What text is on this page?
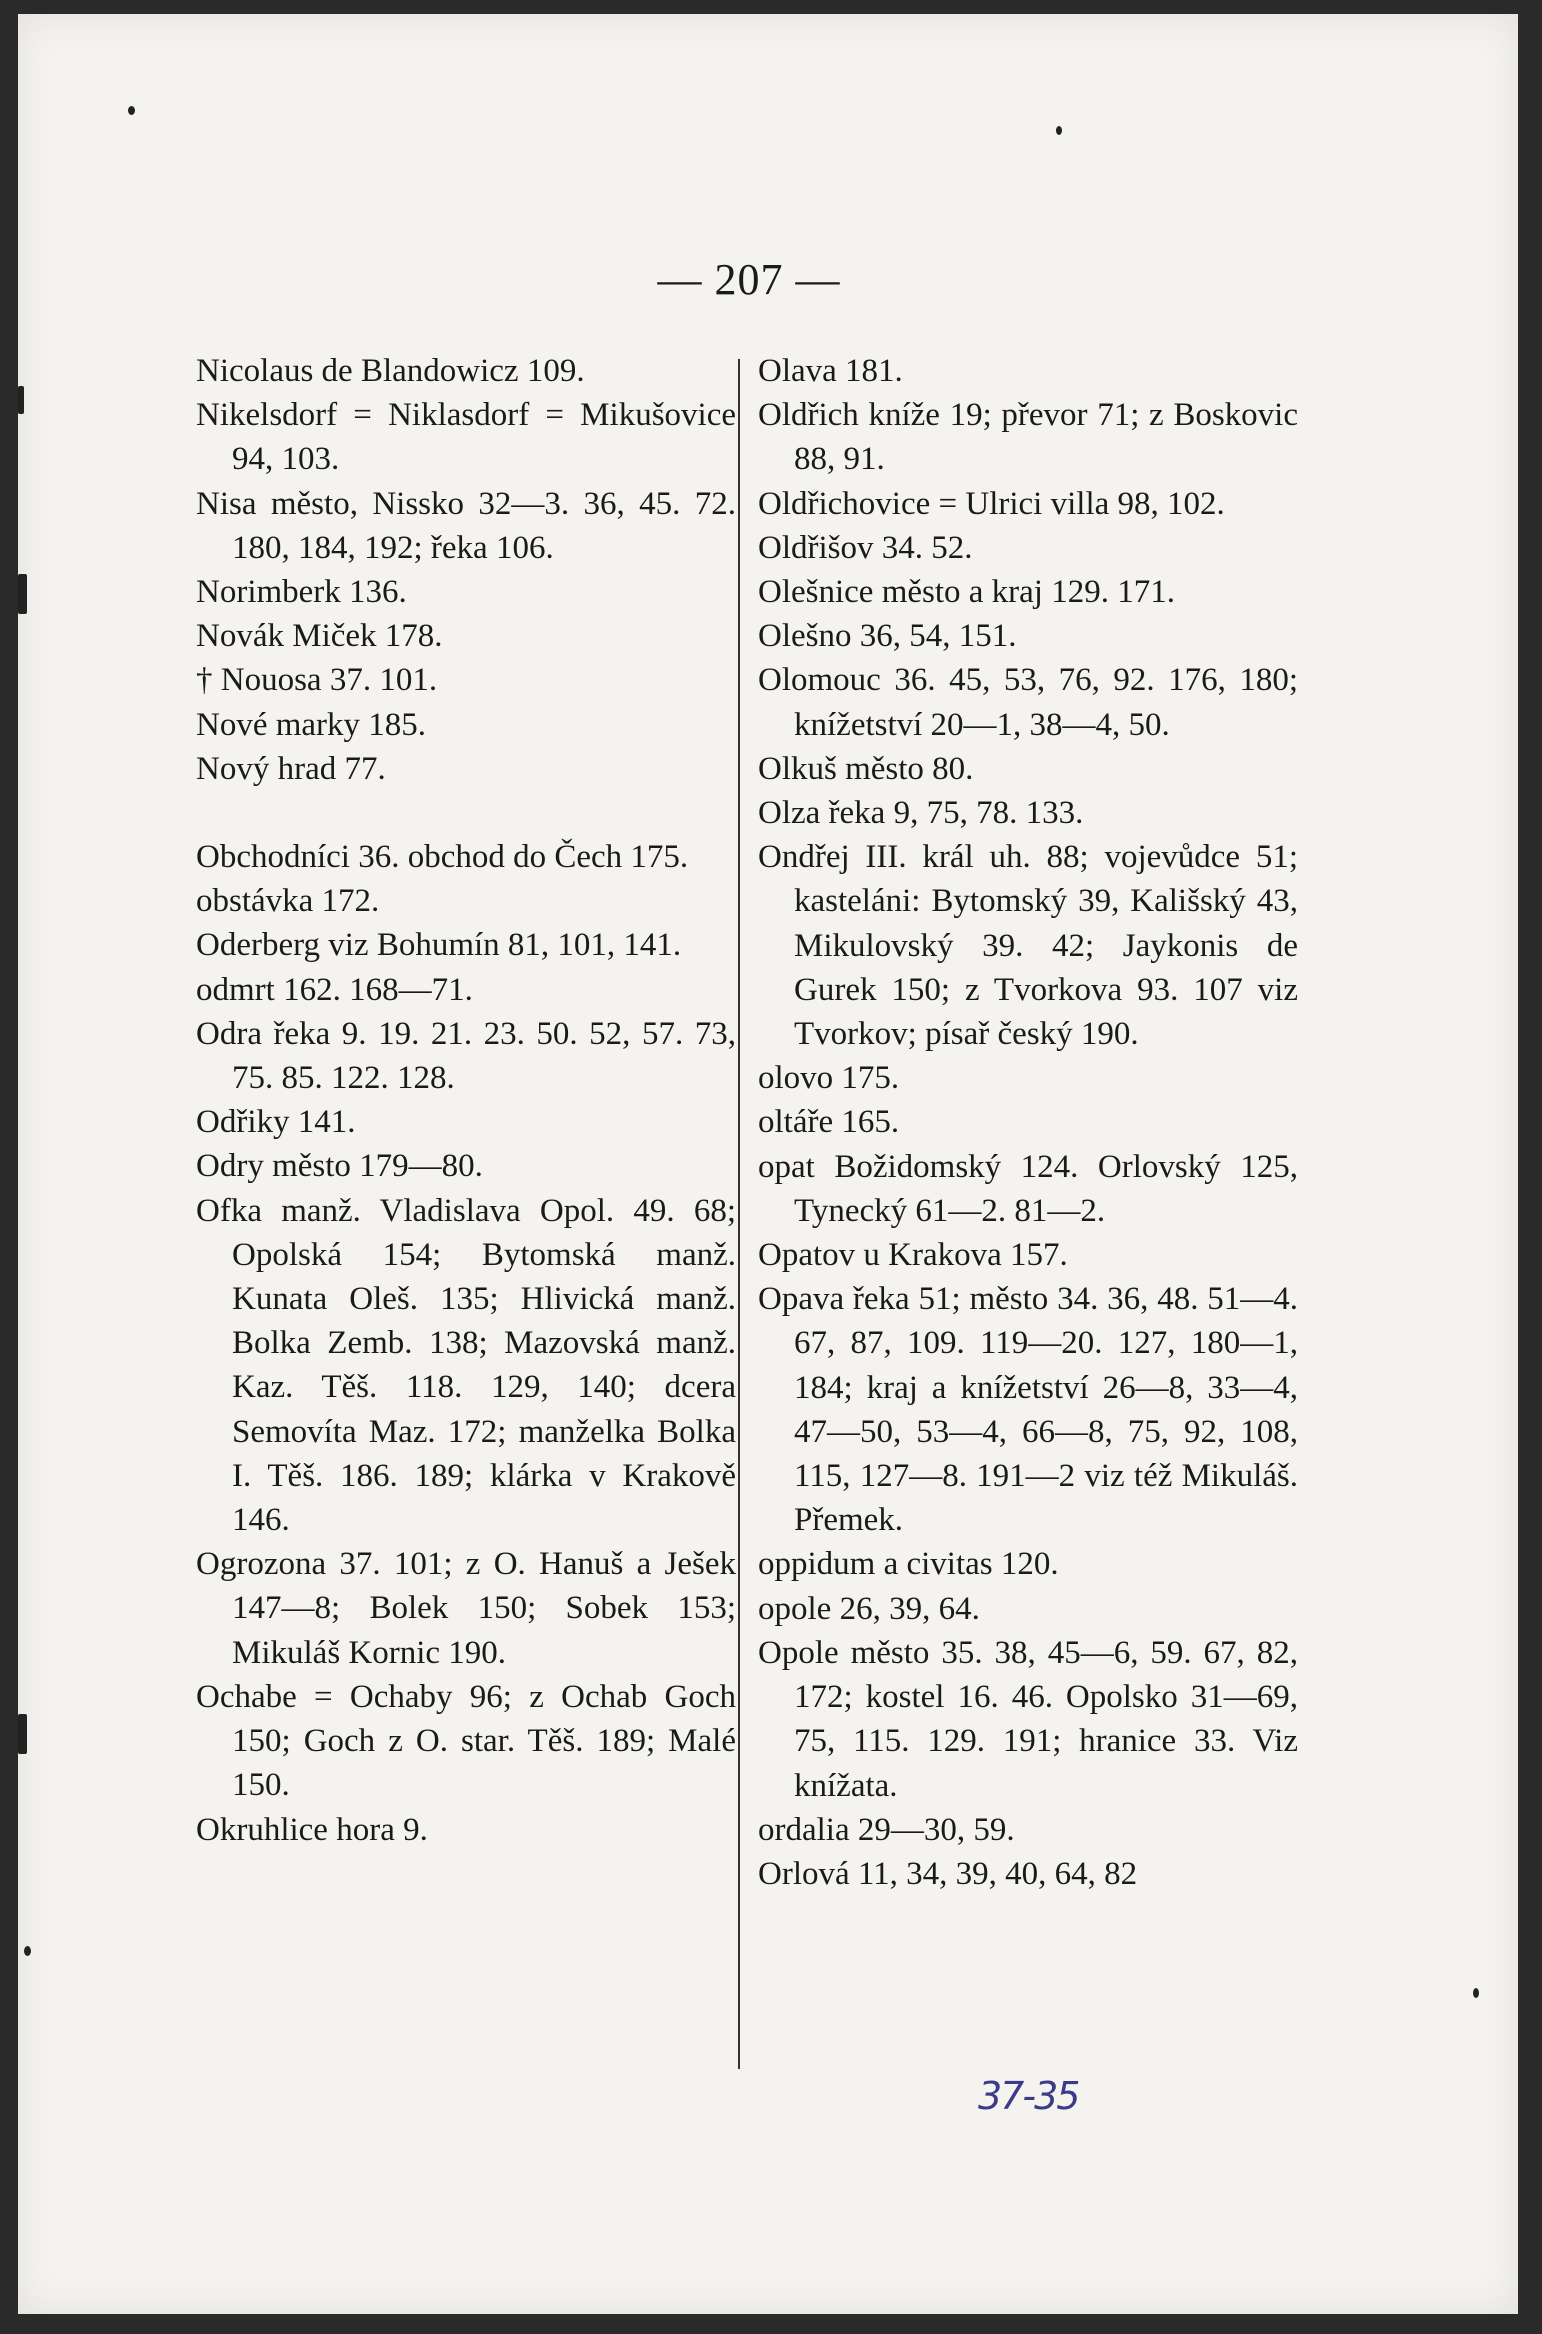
— 207 —

Nicolaus de Blandowicz 109.

Nikelsdorf = Niklasdorf = Mikušovice 94, 103.

Nisa město, Nissko 32—3. 36, 45. 72. 180, 184, 192; řeka 106.

Norimberk 136.

Novák Miček 178.

† Nouosa 37. 101.

Nové marky 185.

Nový hrad 77.

Obchodníci 36. obchod do Čech 175.

obstávka 172.

Oderberg viz Bohumín 81, 101, 141.

odmrt 162. 168—71.

Odra řeka 9. 19. 21. 23. 50. 52, 57. 73, 75. 85. 122. 128.

Odřiky 141.

Odry město 179—80.

Ofka manž. Vladislava Opol. 49. 68; Opolská 154; Bytomská manž. Kunata Oleš. 135; Hlivická manž. Bolka Zemb. 138; Mazovská manž. Kaz. Těš. 118. 129, 140; dcera Semovíta Maz. 172; manželka Bolka I. Těš. 186. 189; klárka v Krakově 146.

Ogrozona 37. 101; z O. Hanuš a Ješek 147—8; Bolek 150; Sobek 153; Mikuláš Kornic 190.

Ochabe = Ochaby 96; z Ochab Goch 150; Goch z O. star. Těš. 189; Malé 150.

Okruhlice hora 9.

Olava 181.

Oldřich kníže 19; převor 71; z Boskovic 88, 91.

Oldřichovice = Ulrici villa 98, 102.

Oldřišov 34. 52.

Olešnice město a kraj 129. 171.

Olešno 36, 54, 151.

Olomouc 36. 45, 53, 76, 92. 176, 180; knížetství 20—1, 38—4, 50.

Olkuš město 80.

Olza řeka 9, 75, 78. 133.

Ondřej III. král uh. 88; vojevůdce 51; kasteláni: Bytomský 39, Kališský 43, Mikulovský 39. 42; Jaykonis de Gurek 150; z Tvorkova 93. 107 viz Tvorkov; písař český 190.

olovo 175.

oltáře 165.

opat Božidomský 124. Orlovský 125, Tynecký 61—2. 81—2.

Opatov u Krakova 157.

Opava řeka 51; město 34. 36, 48. 51—4. 67, 87, 109. 119—20. 127, 180—1, 184; kraj a knížetství 26—8, 33—4, 47—50, 53—4, 66—8, 75, 92, 108, 115, 127—8. 191—2 viz též Mikuláš. Přemek.

oppidum a civitas 120.

opole 26, 39, 64.

Opole město 35. 38, 45—6, 59. 67, 82, 172; kostel 16. 46. Opolsko 31—69, 75, 115. 129. 191; hranice 33. Viz knížata.

ordalia 29—30, 59.

Orlová 11, 34, 39, 40, 64, 82

37-35
